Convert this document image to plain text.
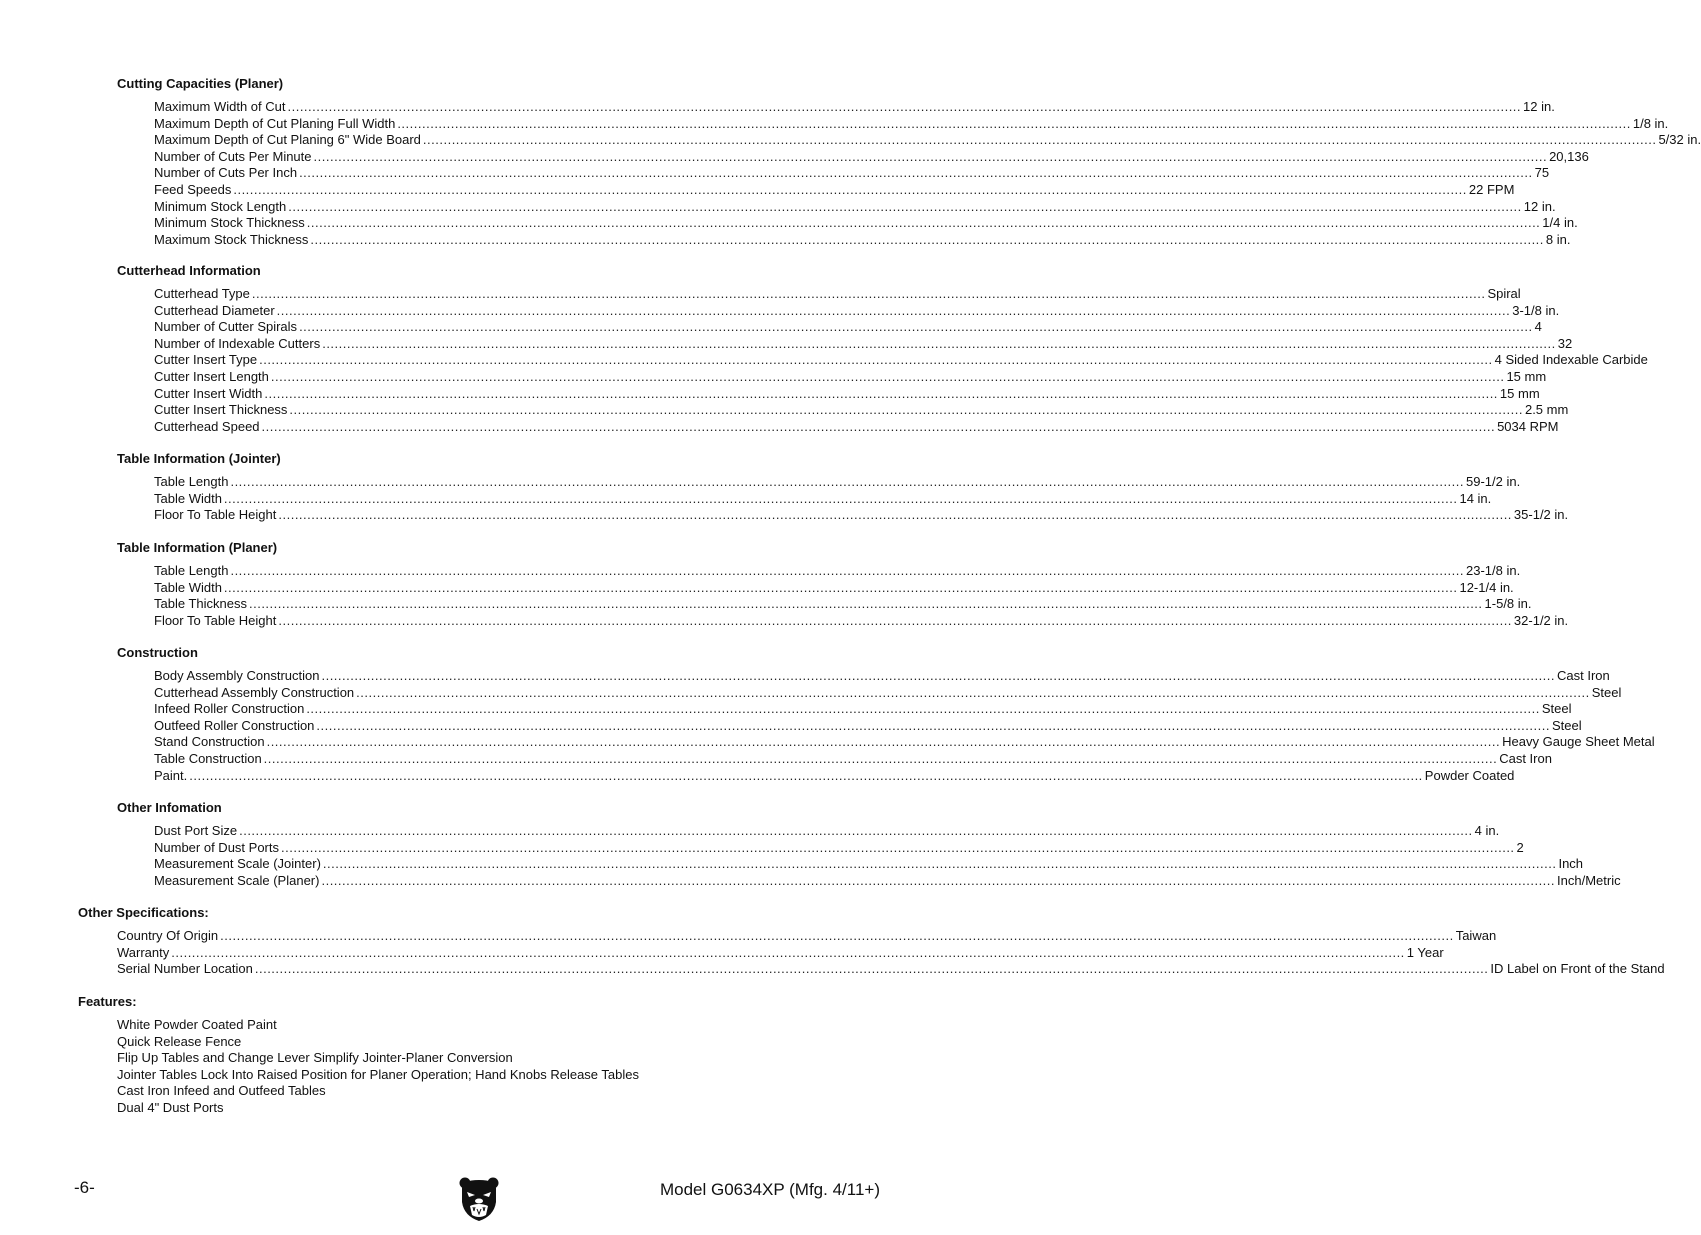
Cutting Capacities (Planer)
Maximum Width of Cut ............................................................................................................................................................................................................................................................................................................ 12 in.
Maximum Depth of Cut Planing Full Width ............................................................................................................................................................................................................................................................................................................ 1/8 in.
Maximum Depth of Cut Planing 6" Wide Board ............................................................................................................................................................................................................................................................................................................ 5/32 in.
Number of Cuts Per Minute ............................................................................................................................................................................................................................................................................................................ 20,136
Number of Cuts Per Inch ............................................................................................................................................................................................................................................................................................................ 75
Feed Speeds ............................................................................................................................................................................................................................................................................................................ 22 FPM
Minimum Stock Length ............................................................................................................................................................................................................................................................................................................ 12 in.
Minimum Stock Thickness ............................................................................................................................................................................................................................................................................................................ 1/4 in.
Maximum Stock Thickness ............................................................................................................................................................................................................................................................................................................ 8 in.
Cutterhead Information
Cutterhead Type ............................................................................................................................................................................................................................................................................................................ Spiral
Cutterhead Diameter ............................................................................................................................................................................................................................................................................................................ 3-1/8 in.
Number of Cutter Spirals ............................................................................................................................................................................................................................................................................................................ 4
Number of Indexable Cutters ............................................................................................................................................................................................................................................................................................................ 32
Cutter Insert Type ............................................................................................................................................................................................................................................................................................................ 4 Sided Indexable Carbide
Cutter Insert Length ............................................................................................................................................................................................................................................................................................................ 15 mm
Cutter Insert Width ............................................................................................................................................................................................................................................................................................................ 15 mm
Cutter Insert Thickness ............................................................................................................................................................................................................................................................................................................ 2.5 mm
Cutterhead Speed ............................................................................................................................................................................................................................................................................................................ 5034 RPM
Table Information (Jointer)
Table Length ............................................................................................................................................................................................................................................................................................................ 59-1/2 in.
Table Width ............................................................................................................................................................................................................................................................................................................ 14 in.
Floor To Table Height ............................................................................................................................................................................................................................................................................................................ 35-1/2 in.
Table Information (Planer)
Table Length ............................................................................................................................................................................................................................................................................................................ 23-1/8 in.
Table Width ............................................................................................................................................................................................................................................................................................................ 12-1/4 in.
Table Thickness ............................................................................................................................................................................................................................................................................................................ 1-5/8 in.
Floor To Table Height ............................................................................................................................................................................................................................................................................................................ 32-1/2 in.
Construction
Body Assembly Construction ............................................................................................................................................................................................................................................................................................................ Cast Iron
Cutterhead Assembly Construction ............................................................................................................................................................................................................................................................................................................ Steel
Infeed Roller Construction ............................................................................................................................................................................................................................................................................................................ Steel
Outfeed Roller Construction ............................................................................................................................................................................................................................................................................................................ Steel
Stand Construction ............................................................................................................................................................................................................................................................................................................ Heavy Gauge Sheet Metal
Table Construction ............................................................................................................................................................................................................................................................................................................ Cast Iron
Paint. ............................................................................................................................................................................................................................................................................................................ Powder Coated
Other Infomation
Dust Port Size ............................................................................................................................................................................................................................................................................................................ 4 in.
Number of Dust Ports ............................................................................................................................................................................................................................................................................................................ 2
Measurement Scale (Jointer) ............................................................................................................................................................................................................................................................................................................ Inch
Measurement Scale (Planer) ............................................................................................................................................................................................................................................................................................................ Inch/Metric
Other Specifications:
Country Of Origin ............................................................................................................................................................................................................................................................................................................ Taiwan
Warranty ............................................................................................................................................................................................................................................................................................................ 1 Year
Serial Number Location ............................................................................................................................................................................................................................................................................................................ ID Label on Front of the Stand
Features:
White Powder Coated Paint
Quick Release Fence
Flip Up Tables and Change Lever Simplify Jointer-Planer Conversion
Jointer Tables Lock Into Raised Position for Planer Operation; Hand Knobs Release Tables
Cast Iron Infeed and Outfeed Tables
Dual 4" Dust Ports
-6-	Model G0634XP (Mfg. 4/11+)
